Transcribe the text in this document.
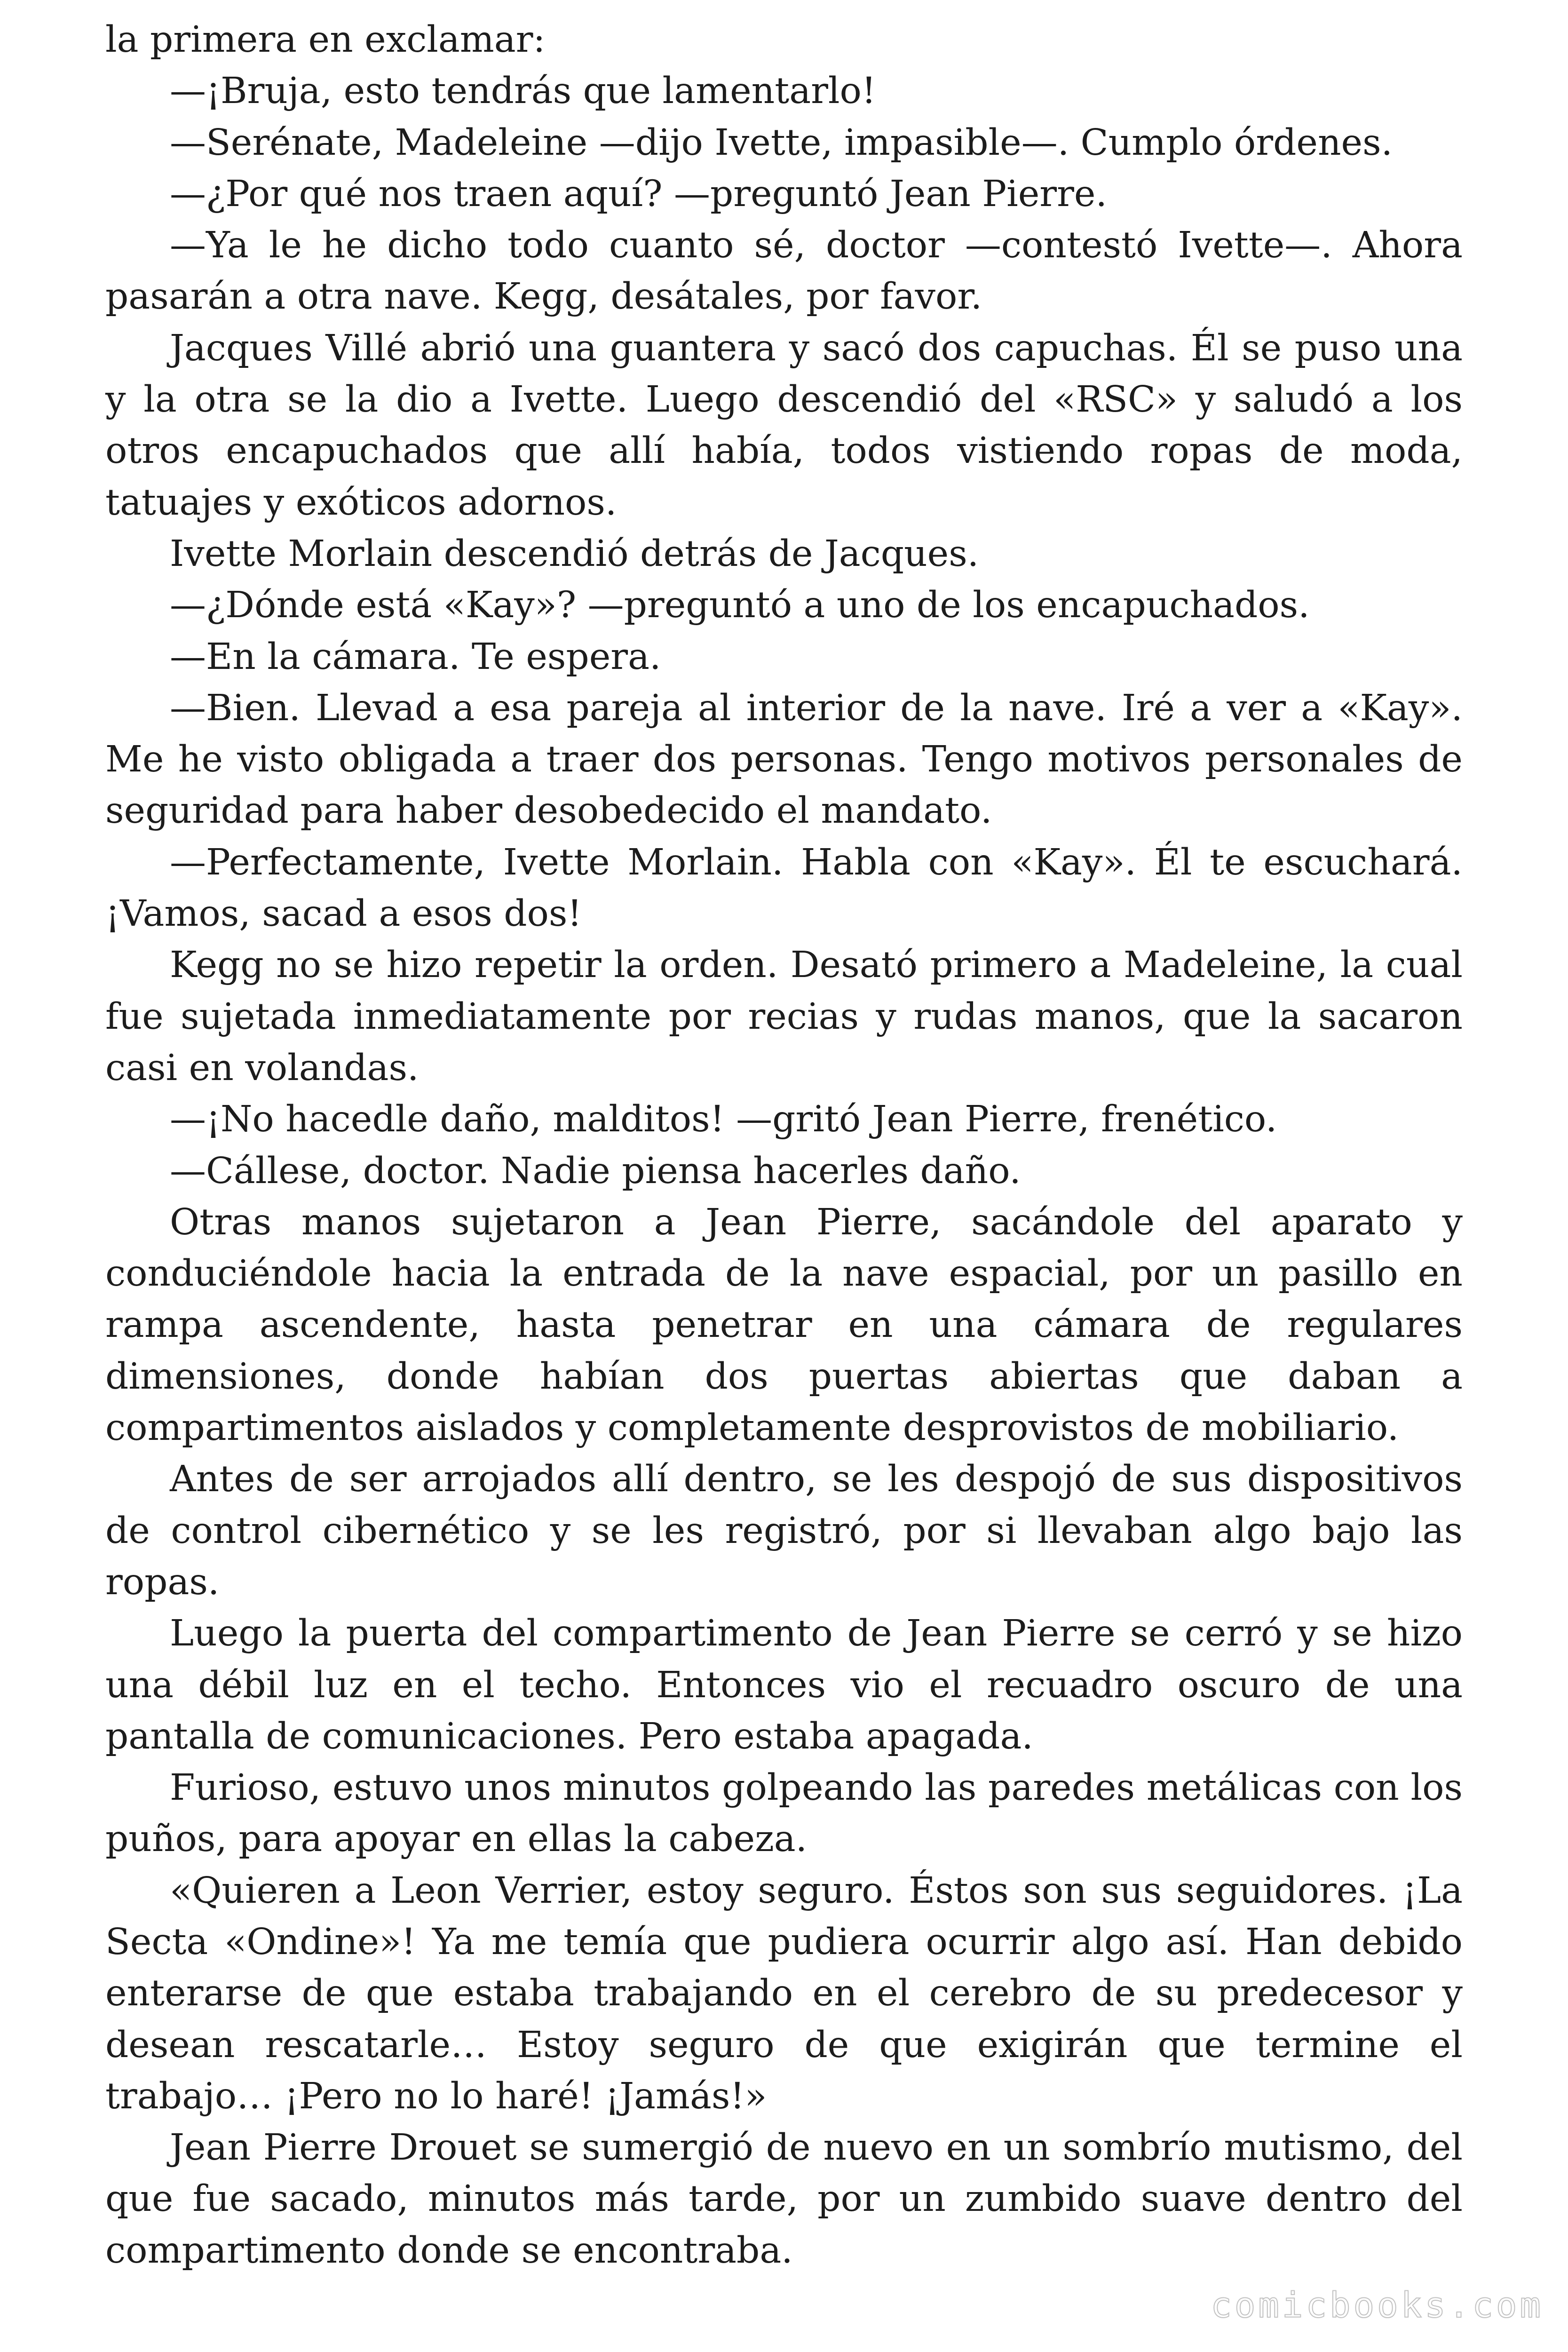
la primera en exclamar:

—¡Bruja, esto tendrás que lamentarlo!

—Serénate, Madeleine —dijo Ivette, impasible—. Cumplo órdenes.

—¿Por qué nos traen aquí? —preguntó Jean Pierre.

—Ya le he dicho todo cuanto sé, doctor —contestó Ivette—. Ahora pasarán a otra nave. Kegg, desátales, por favor.

Jacques Villé abrió una guantera y sacó dos capuchas. Él se puso una y la otra se la dio a Ivette. Luego descendió del «RSC» y saludó a los otros encapuchados que allí había, todos vistiendo ropas de moda, tatuajes y exóticos adornos.

Ivette Morlain descendió detrás de Jacques.

—¿Dónde está «Kay»? —preguntó a uno de los encapuchados.

—En la cámara. Te espera.

—Bien. Llevad a esa pareja al interior de la nave. Iré a ver a «Kay». Me he visto obligada a traer dos personas. Tengo motivos personales de seguridad para haber desobedecido el mandato.

—Perfectamente, Ivette Morlain. Habla con «Kay». Él te escuchará. ¡Vamos, sacad a esos dos!

Kegg no se hizo repetir la orden. Desató primero a Madeleine, la cual fue sujetada inmediatamente por recias y rudas manos, que la sacaron casi en volandas.

—¡No hacedle daño, malditos! —gritó Jean Pierre, frenético.

—Cállese, doctor. Nadie piensa hacerles daño.

Otras manos sujetaron a Jean Pierre, sacándole del aparato y conduciéndole hacia la entrada de la nave espacial, por un pasillo en rampa ascendente, hasta penetrar en una cámara de regulares dimensiones, donde habían dos puertas abiertas que daban a compartimentos aislados y completamente desprovistos de mobiliario.

Antes de ser arrojados allí dentro, se les despojó de sus dispositivos de control cibernético y se les registró, por si llevaban algo bajo las ropas.

Luego la puerta del compartimento de Jean Pierre se cerró y se hizo una débil luz en el techo. Entonces vio el recuadro oscuro de una pantalla de comunicaciones. Pero estaba apagada.

Furioso, estuvo unos minutos golpeando las paredes metálicas con los puños, para apoyar en ellas la cabeza.

«Quieren a Leon Verrier, estoy seguro. Éstos son sus seguidores. ¡La Secta «Ondine»! Ya me temía que pudiera ocurrir algo así. Han debido enterarse de que estaba trabajando en el cerebro de su predecesor y desean rescatarle… Estoy seguro de que exigirán que termine el trabajo… ¡Pero no lo haré! ¡Jamás!»

Jean Pierre Drouet se sumergió de nuevo en un sombrío mutismo, del que fue sacado, minutos más tarde, por un zumbido suave dentro del compartimento donde se encontraba.

comicbooks.com
